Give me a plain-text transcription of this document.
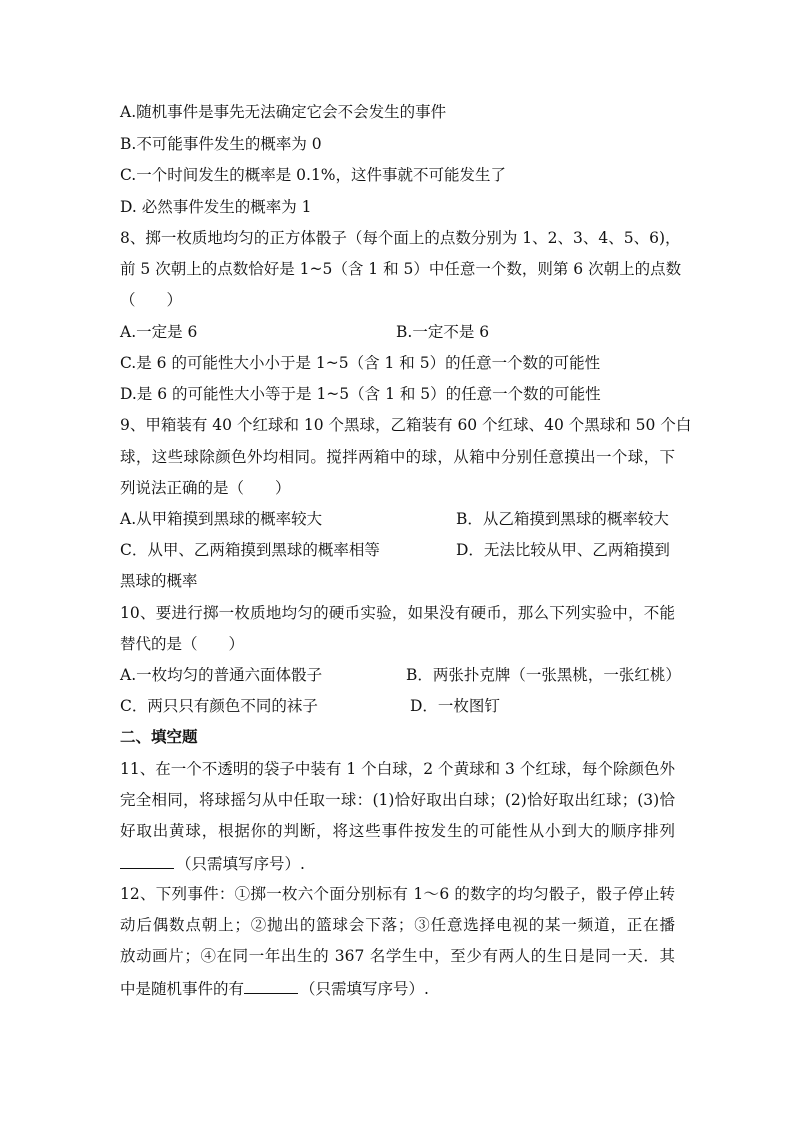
A.随机事件是事先无法确定它会不会发生的事件
B.不可能事件发生的概率为 0
C.一个时间发生的概率是 0.1%，这件事就不可能发生了
D. 必然事件发生的概率为 1
8、掷一枚质地均匀的正方体骰子（每个面上的点数分别为 1、2、3、4、5、6)，
前 5 次朝上的点数恰好是 1~5（含 1 和 5）中任意一个数，则第 6 次朝上的点数
（　　）
A.一定是 6	B.一定不是 6
C.是 6 的可能性大小小于是 1~5（含 1 和 5）的任意一个数的可能性
D.是 6 的可能性大小等于是 1~5（含 1 和 5）的任意一个数的可能性
9、甲箱装有 40 个红球和 10 个黑球，乙箱装有 60 个红球、40 个黑球和 50 个白
球，这些球除颜色外均相同。搅拌两箱中的球，从箱中分别任意摸出一个球，下
列说法正确的是（　　）
A.从甲箱摸到黑球的概率较大	B．从乙箱摸到黑球的概率较大
C．从甲、乙两箱摸到黑球的概率相等	D．无法比较从甲、乙两箱摸到
黑球的概率
10、要进行掷一枚质地均匀的硬币实验，如果没有硬币，那么下列实验中，不能
替代的是（　　）
A.一枚均匀的普通六面体骰子	B．两张扑克牌（一张黑桃，一张红桃）
C．两只只有颜色不同的袜子	D．一枚图钉
二、填空题
11、在一个不透明的袋子中装有 1 个白球，2 个黄球和 3 个红球，每个除颜色外
完全相同，将球摇匀从中任取一球：(1)恰好取出白球；(2)恰好取出红球；(3)恰
好取出黄球，根据你的判断，将这些事件按发生的可能性从小到大的顺序排列
（只需填写序号）.
12、下列事件：①掷一枚六个面分别标有 1～6 的数字的均匀骰子，骰子停止转
动后偶数点朝上；②抛出的篮球会下落；③任意选择电视的某一频道，正在播
放动画片；④在同一年出生的 367 名学生中，至少有两人的生日是同一天．其
中是随机事件的有	（只需填写序号）.
